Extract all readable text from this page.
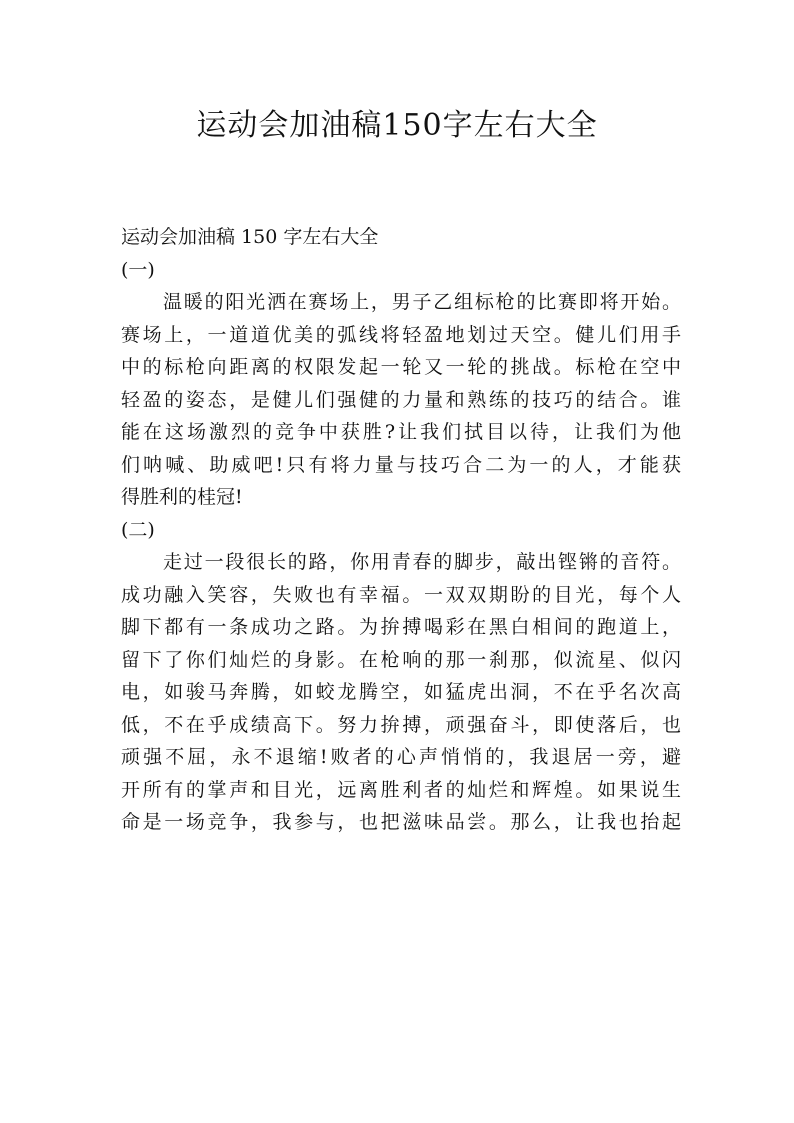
运动会加油稿150字左右大全
运动会加油稿 150 字左右大全
(一)
温暖的阳光洒在赛场上，男子乙组标枪的比赛即将开始。
赛场上，一道道优美的弧线将轻盈地划过天空。健儿们用手
中的标枪向距离的权限发起一轮又一轮的挑战。标枪在空中
轻盈的姿态，是健儿们强健的力量和熟练的技巧的结合。谁
能在这场激烈的竞争中获胜?让我们拭目以待，让我们为他
们呐喊、助威吧!只有将力量与技巧合二为一的人，才能获
得胜利的桂冠!
(二)
走过一段很长的路，你用青春的脚步，敲出铿锵的音符。
成功融入笑容，失败也有幸福。一双双期盼的目光，每个人
脚下都有一条成功之路。为拚搏喝彩在黑白相间的跑道上，
留下了你们灿烂的身影。在枪响的那一刹那，似流星、似闪
电，如骏马奔腾，如蛟龙腾空，如猛虎出洞，不在乎名次高
低，不在乎成绩高下。努力拚搏，顽强奋斗，即使落后，也
顽强不屈，永不退缩!败者的心声悄悄的，我退居一旁，避
开所有的掌声和目光，远离胜利者的灿烂和辉煌。如果说生
命是一场竞争，我参与，也把滋味品尝。那么，让我也抬起
